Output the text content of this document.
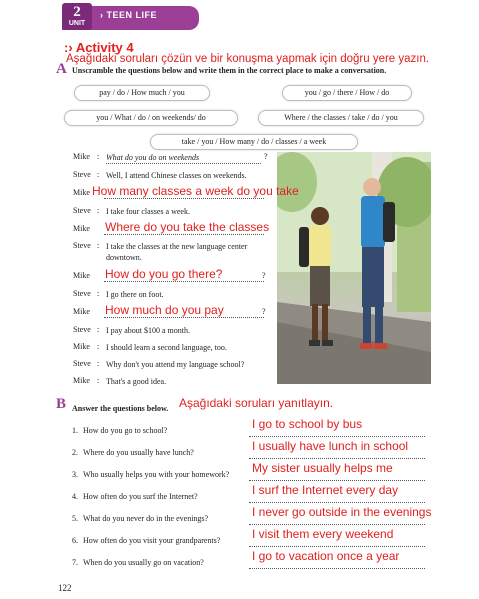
2
UNIT
› TEEN LIFE
:› Activity 4
Aşağıdaki soruları çözün ve bir konuşma yapmak için doğru yere yazın.
A Unscramble the questions below and write them in the correct place to make a conversation.
pay / do / How much / you	you / go / there / How / do
you / What / do / on weekends/ do	Where / the classes / take / do / you
take / you / How many / do / classes / a week
Mike : What do you do on weekends	?
Steve : Well, I attend Chinese classes on weekends.
Mike How many classes a week do you take
Steve : I take four classes a week.
Mike	Where do you take the classes
Steve : I take the classes at the new language center downtown.
Mike	How do you go there?	?
Steve : I go there on foot.
Mike	How much do you pay	?
Steve : I pay about $100 a month.
Mike : I should learn a second language, too.
Steve : Why don't you attend my language school?
Mike : That's a good idea.
B Answer the questions below. Aşağıdaki soruları yanıtlayın.
1. How do you go to school?	I go to school by bus
2. Where do you usually have lunch?	I usually have lunch in school
3. Who usually helps you with your homework? My sister usually helps me
4. How often do you surf the Internet?	I surf the Internet every day
5. What do you never do in the evenings?	I never go outside in the evenings
6. How often do you visit your grandparents?	I visit them every weekend
7. When do you usually go on vacation?	I go to vacation once a year
122
